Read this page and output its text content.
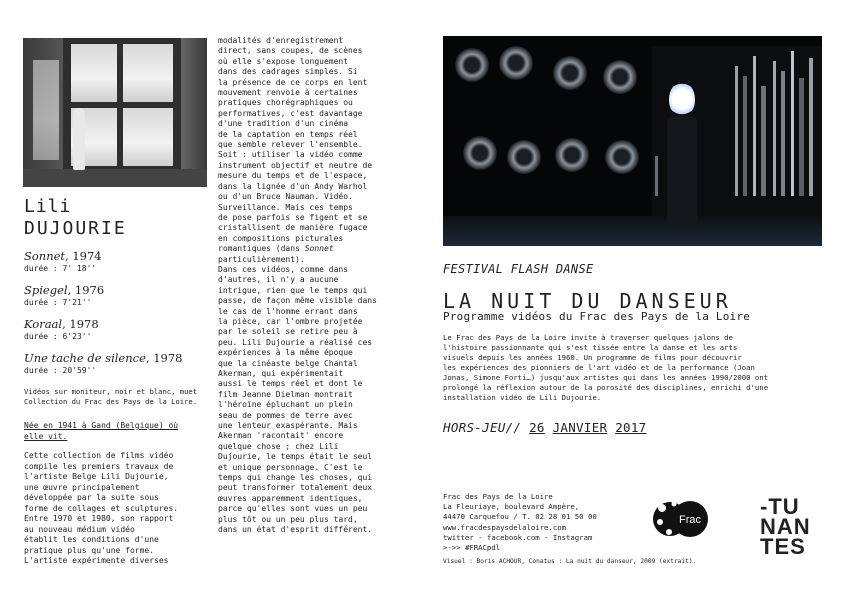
Lili
DUJOURIE
Sonnet, 1974
durée : 7' 18''
Spiegel, 1976
durée : 7'21''
Koraal, 1978
durée : 6'23''
Une tache de silence, 1978
durée : 20'59''
Vidéos sur moniteur, noir et blanc, muet
Collection du Frac des Pays de la Loire.
Née en 1941 à Gand (Belgique) où
elle vit.
Cette collection de films vidéo
compile les premiers travaux de
l'artiste Belge Lili Dujourie,
une œuvre principalement
développée par la suite sous
forme de collages et sculptures.
Entre 1970 et 1980, son rapport
au nouveau médium vidéo
établit les conditions d'une
pratique plus qu'une forme.
L'artiste expérimente diverses
modalités d'enregistrement
direct, sans coupes, de scènes
où elle s'expose longuement
dans des cadrages simples. Si
la présence de ce corps en lent
mouvement renvoie à certaines
pratiques chorégraphiques ou
performatives, c'est davantage
d'une tradition d'un cinéma
de la captation en temps réel
que semble relever l'ensemble.
Soit : utiliser la vidéo comme
instrument objectif et neutre de
mesure du temps et de l'espace,
dans la lignée d'un Andy Warhol
ou d'un Bruce Nauman. Vidéo.
Surveillance. Mais ces temps
de pose parfois se figent et se
cristallisent de manière fugace
en compositions picturales
romantiques (dans Sonnet
particulièrement).
Dans ces vidéos, comme dans
d'autres, il n'y a aucune
intrigue, rien que le temps qui
passe, de façon même visible dans
le cas de l'homme errant dans
la pièce, car l'ombre projetée
par le soleil se retire peu à
peu. Lili Dujourie a réalisé ces
expériences à la même époque
que la cinéaste belge Chantal
Akerman, qui expérimentait
aussi le temps réel et dont le
film Jeanne Dielman montrait
l'héroïne épluchant un plein
seau de pommes de terre avec
une lenteur exaspérante. Mais
Akerman 'racontait' encore
quelque chose ; chez Lili
Dujourie, le temps était le seul
et unique personnage. C'est le
temps qui change les choses, qui
peut transformer totalement deux
œuvres apparemment identiques,
parce qu'elles sont vues un peu
plus tôt ou un peu plus tard,
dans un état d'esprit différent.
FESTIVAL FLASH DANSE
LA NUIT DU DANSEUR
Programme vidéos du Frac des Pays de la Loire
Le Frac des Pays de la Loire invite à traverser quelques jalons de
l'histoire passionnante qui s'est tissée entre la danse et les arts
visuels depuis les années 1960. Un programme de films pour découvrir
les expériences des pionniers de l'art vidéo et de la performance (Joan
Jonas, Simone Forti…) jusqu'aux artistes qui dans les années 1990/2000 ont
prolongé la réflexion autour de la porosité des disciplines, enrichi d'une
installation vidéo de Lili Dujourie.
HORS-JEU// 26 JANVIER 2017
Frac des Pays de la Loire
La Fleuriaye, boulevard Ampère,
44470 Carquefou / T. 02 28 01 50 00
www.fracdespaysdelaloire.com
twitter - facebook.com - Instagram
>->> #FRACpdl
Visuel : Boris ACHOUR, Conatus : La nuit du danseur, 2009 (extrait).
Frac
-TU
NAN
TES
